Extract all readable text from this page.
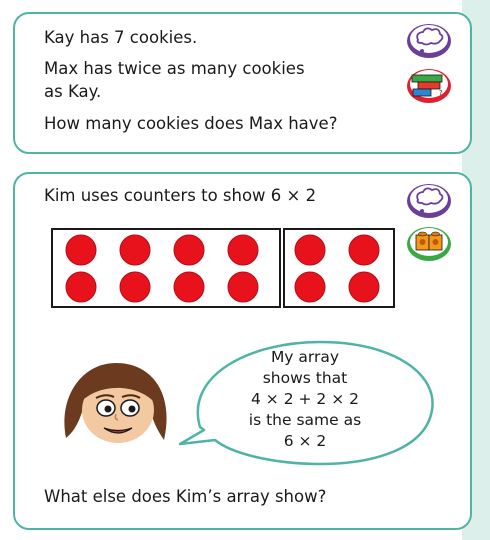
Kay has 7 cookies.
Max has twice as many cookies
as Kay.
How many cookies does Max have?
?
Kim uses counters to show 6 × 2
My array
shows that
4 × 2 + 2 × 2
is the same as
6 × 2
What else does Kim’s array show?
